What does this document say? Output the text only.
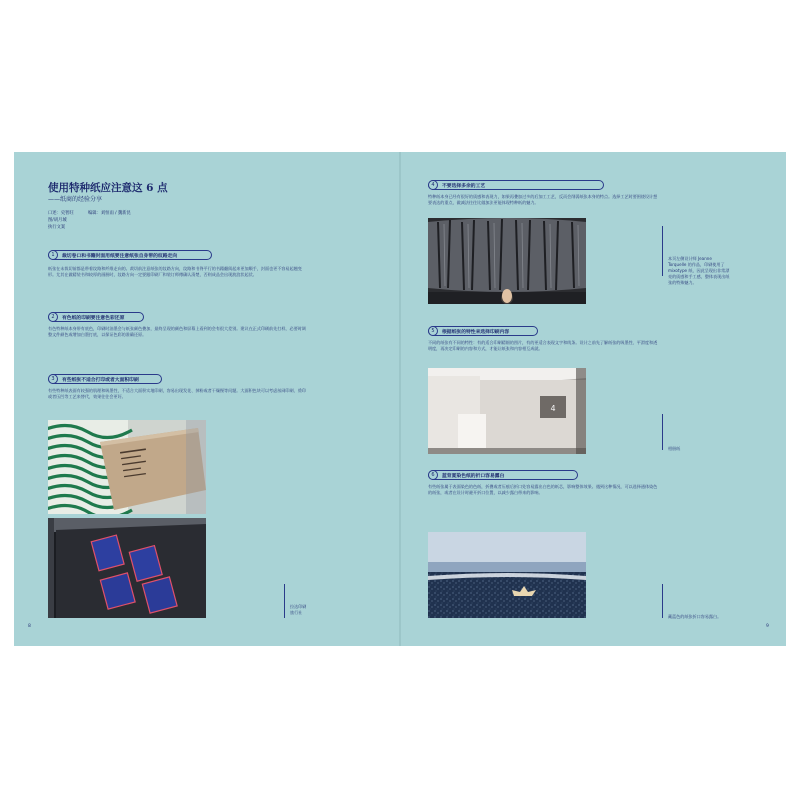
使用特种纸应注意这 6 点
——纸商的经验分享
口述：史智旺	编辑：刘恒雨 / 魏新昆
图/胡月城
执行文案
1	裁切卷口和书籍封面用纸要注意纸张自身带的纹路走向
纸张在未裁切前都是带着纹路和纤维走向的。裁切前注意纸张的纹路方向，纹路和书脊平行的书籍翻阅起来更加顺手，封面也更不容易起翘变形。尤其在做精装书和较厚的画册时，纹路方向一定要跟印刷厂和装订师傅确认清楚，否则成品会出现波浪状起伏。
2	有色纸的印刷要注意色彩还原
有色特种纸本身带有底色，印刷时油墨会与纸张颜色叠加，最终呈现的颜色和屏幕上看到的会有很大差别。建议在正式印刷前先打样，必要时调整文件颜色或增加白墨打底，以保证色彩的准确还原。
3	有些纸张不适合打印或者大面积印刷
有些特种纸表面有较强的肌理和吸墨性，不适合大面积实地印刷，容易出现发花、掉粉或者干燥慢等问题。大面积色块可以考虑丝网印刷、烫印或者压凹等工艺来替代，效果往往会更好。
拉达印刷
旅行社
8
4	不要选择多余的工艺
特种纸本身已经有很好的质感和表现力，如果再叠加过多的后加工工艺，反而会削弱纸张本身的特点。选择工艺时要围绕设计想要表达的重点，做减法往往比做加法更能体现特种纸的魅力。
5	根据纸张的特性来选择印刷内容
不同的纸张有不同的特性：有的适合印刷精细的图片，有的更适合表现文字和线条。设计之前先了解纸张的吸墨性、平滑度和透明度，再决定印刷的内容和方式，才能让纸张和内容相互成就。
4
6	蓝背夏染色纸的折口容易露白
有些纸张属于表面染色的色纸，折叠或者压痕后折口处容易露出白色的纸芯，影响整体效果。遇到这种情况，可以选择通体染色的纸张，或者在设计时避开折口位置，以减少露白带来的影响。
本页左侧设计师 Jeanne Torquelle 的作品，印刷使用了 mixotype 纸，因此呈现出非常漂亮的质感和手工感，整体表现出纸张的特殊魅力。
相册纸
藏蓝色的纸张折口容易露白。
9
